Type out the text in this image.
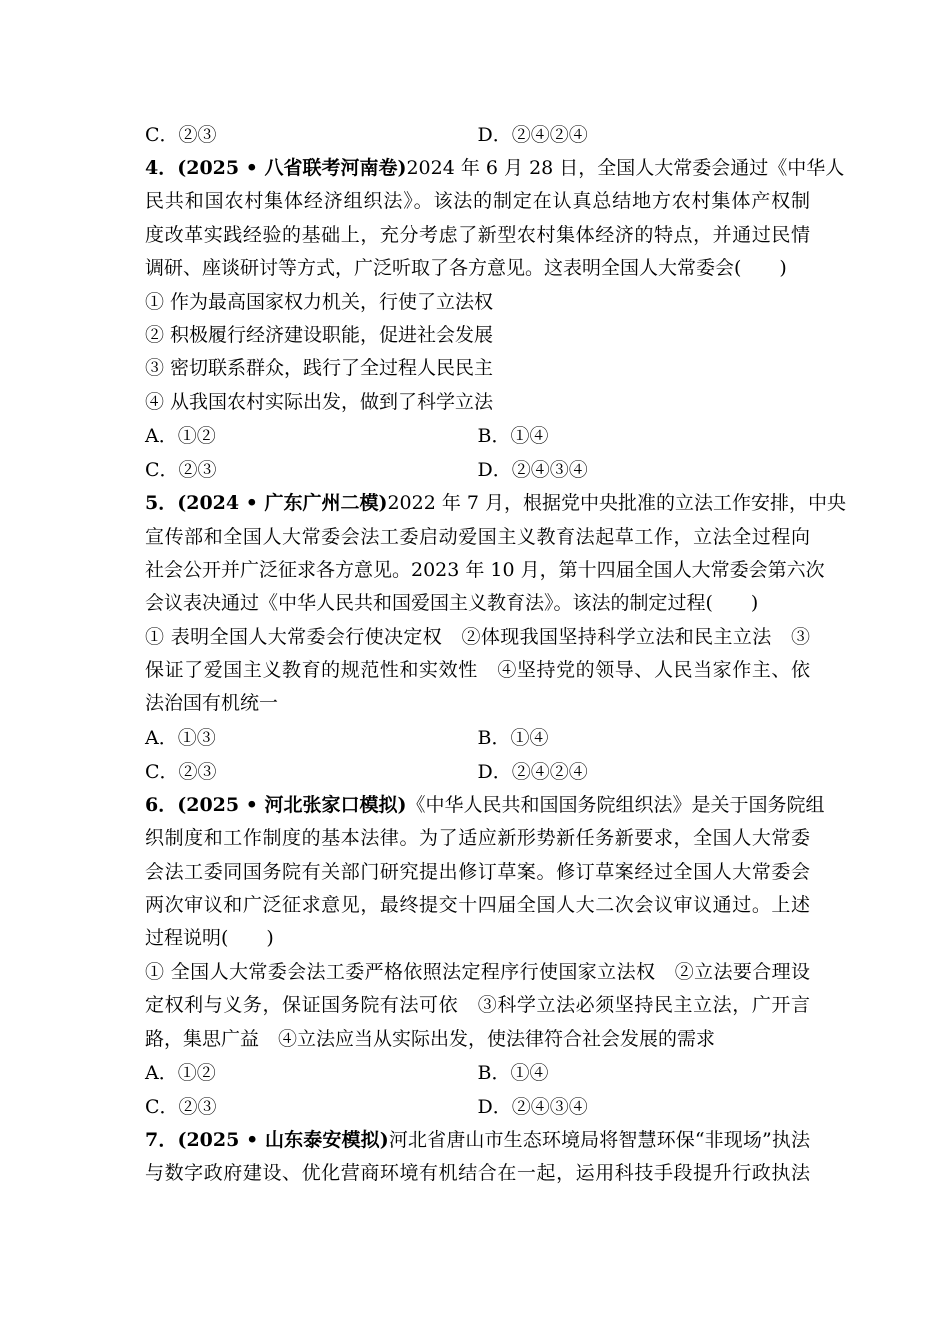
C．②③	D．②④②④
4．(2025 • 八省联考河南卷)2024 年 6 月 28 日，全国人大常委会通过《中华人
民共和国农村集体经济组织法》。该法的制定在认真总结地方农村集体产权制
度改革实践经验的基础上，充分考虑了新型农村集体经济的特点，并通过民情
调研、座谈研讨等方式，广泛听取了各方意见。这表明全国人大常委会(　　)
① 作为最高国家权力机关，行使了立法权
② 积极履行经济建设职能，促进社会发展
③ 密切联系群众，践行了全过程人民民主
④ 从我国农村实际出发，做到了科学立法
A．①②	B．①④
C．②③	D．②④③④
5．(2024 • 广东广州二模)2022 年 7 月，根据党中央批准的立法工作安排，中央
宣传部和全国人大常委会法工委启动爱国主义教育法起草工作，立法全过程向
社会公开并广泛征求各方意见。2023 年 10 月，第十四届全国人大常委会第六次
会议表决通过《中华人民共和国爱国主义教育法》。该法的制定过程(　　)
① 表明全国人大常委会行使决定权　②体现我国坚持科学立法和民主立法　③
保证了爱国主义教育的规范性和实效性　④坚持党的领导、人民当家作主、依
法治国有机统一
A．①③	B．①④
C．②③	D．②④②④
6．(2025 • 河北张家口模拟)《中华人民共和国国务院组织法》是关于国务院组
织制度和工作制度的基本法律。为了适应新形势新任务新要求，全国人大常委
会法工委同国务院有关部门研究提出修订草案。修订草案经过全国人大常委会
两次审议和广泛征求意见，最终提交十四届全国人大二次会议审议通过。上述
过程说明(　　)
① 全国人大常委会法工委严格依照法定程序行使国家立法权　②立法要合理设
定权利与义务，保证国务院有法可依　③科学立法必须坚持民主立法，广开言
路，集思广益　④立法应当从实际出发，使法律符合社会发展的需求
A．①②	B．①④
C．②③	D．②④③④
7．(2025 • 山东泰安模拟)河北省唐山市生态环境局将智慧环保“非现场”执法
与数字政府建设、优化营商环境有机结合在一起，运用科技手段提升行政执法
